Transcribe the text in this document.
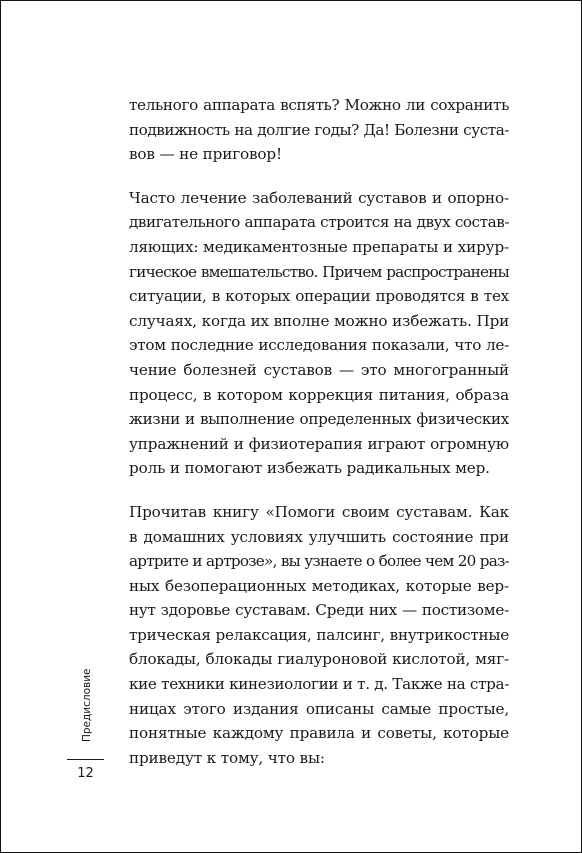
тельного аппарата вспять? Можно ли сохранить
подвижность на долгие годы? Да! Болезни суста-
вов — не приговор!
Часто лечение заболеваний суставов и опорно-
двигательного аппарата строится на двух состав-
ляющих: медикаментозные препараты и хирур-
гическое вмешательство. Причем распространены
ситуации, в которых операции проводятся в тех
случаях, когда их вполне можно избежать. При
этом последние исследования показали, что ле-
чение болезней суставов — это многогранный
процесс, в котором коррекция питания, образа
жизни и выполнение определенных физических
упражнений и физиотерапия играют огромную
роль и помогают избежать радикальных мер.
Прочитав книгу «Помоги своим суставам. Как
в домашних условиях улучшить состояние при
артрите и артрозе», вы узнаете о более чем 20 раз-
ных безоперационных методиках, которые вер-
нут здоровье суставам. Среди них — постизоме-
трическая релаксация, палсинг, внутрикостные
блокады, блокады гиалуроновой кислотой, мяг-
кие техники кинезиологии и т. д. Также на стра-
ницах этого издания описаны самые простые,
понятные каждому правила и советы, которые
приведут к тому, что вы:
Предисловие
12
